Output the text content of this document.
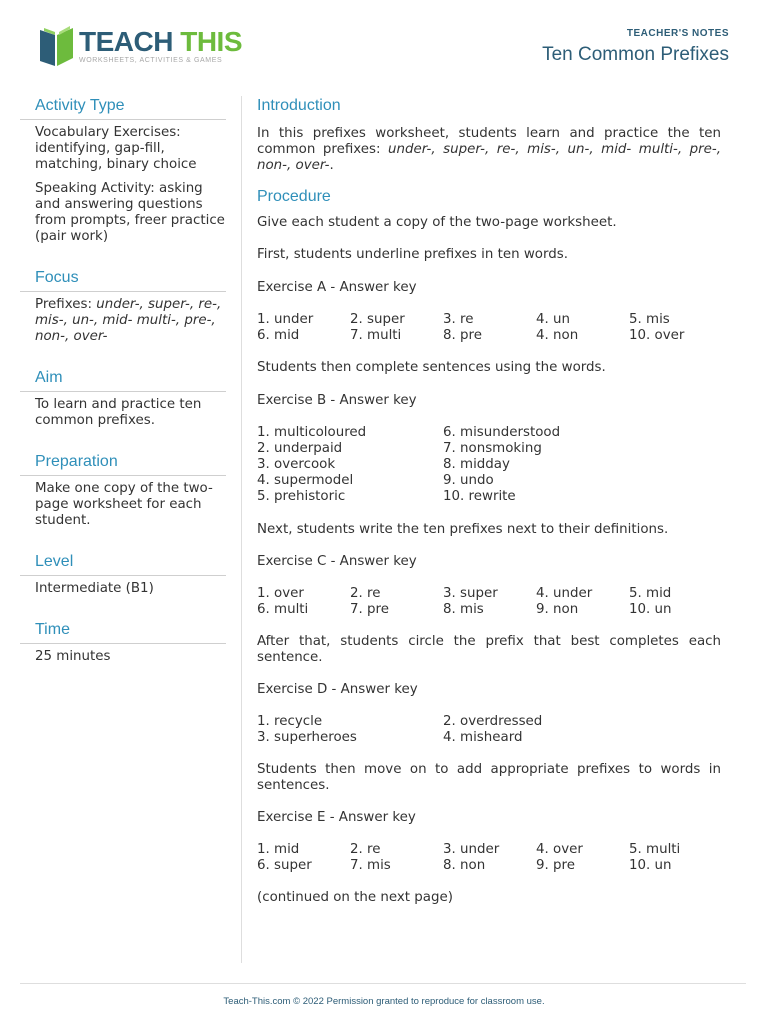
TEACH THIS
WORKSHEETS, ACTIVITIES & GAMES
TEACHER'S NOTES
Ten Common Prefixes
Activity Type

Vocabulary Exercises: identifying, gap-fill, matching, binary choice

Speaking Activity: asking and answering questions from prompts, freer practice (pair work)

Focus

Prefixes: under-, super-, re-, mis-, un-, mid- multi-, pre-, non-, over-

Aim

To learn and practice ten common prefixes.

Preparation

Make one copy of the two-page worksheet for each student.

Level

Intermediate (B1)

Time

25 minutes

Introduction

In this prefixes worksheet, students learn and practice the ten common prefixes: under-, super-, re-, mis-, un-, mid- multi-, pre-, non-, over-.

Procedure

Give each student a copy of the two-page worksheet.

First, students underline prefixes in ten words.

Exercise A - Answer key

1. under	2. super	3. re	4. un	5. mis
6. mid	7. multi	8. pre	4. non	10. over

Students then complete sentences using the words.

Exercise B - Answer key

1. multicoloured	6. misunderstood
2. underpaid	7. nonsmoking
3. overcook	8. midday
4. supermodel	9. undo
5. prehistoric	10. rewrite

Next, students write the ten prefixes next to their definitions.

Exercise C - Answer key

1. over	2. re	3. super	4. under	5. mid
6. multi	7. pre	8. mis	9. non	10. un

After that, students circle the prefix that best completes each sentence.

Exercise D - Answer key

1. recycle	2. overdressed
3. superheroes	4. misheard

Students then move on to add appropriate prefixes to words in sentences.

Exercise E - Answer key

1. mid	2. re	3. under	4. over	5. multi
6. super	7. mis	8. non	9. pre	10. un

(continued on the next page)

Teach-This.com © 2022 Permission granted to reproduce for classroom use.
